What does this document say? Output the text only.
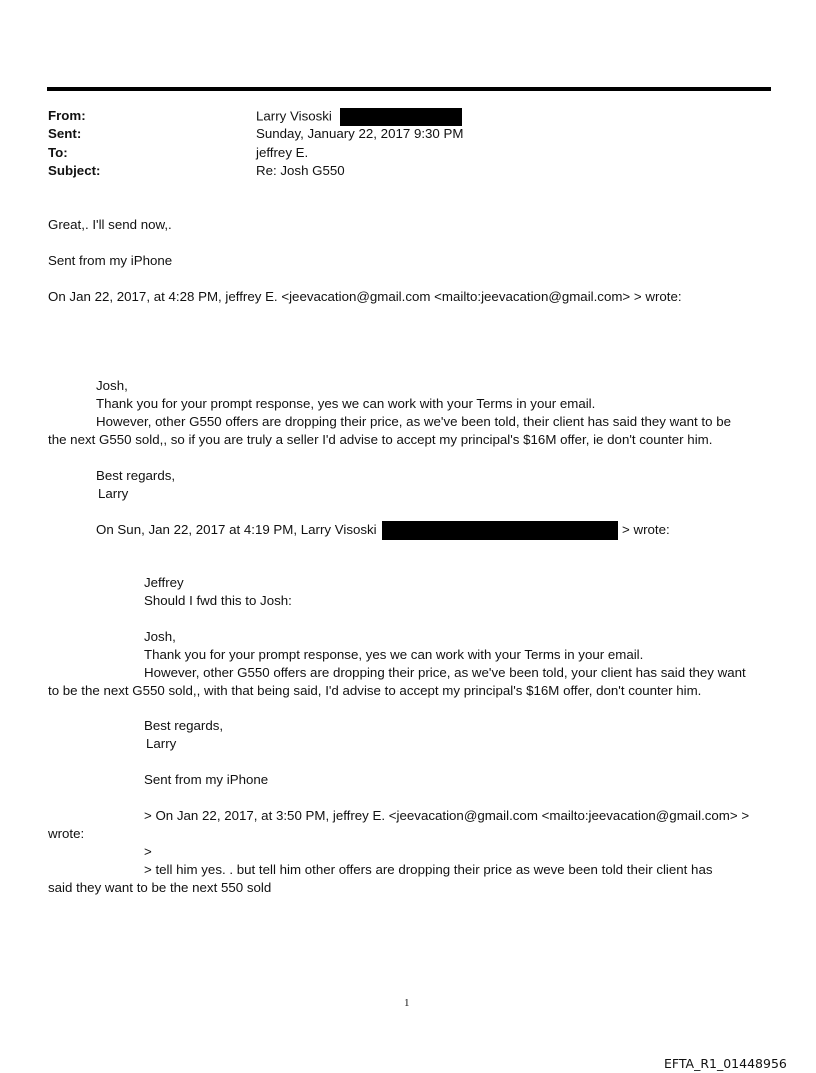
From:	Larry Visoski
Sent:	Sunday, January 22, 2017 9:30 PM
To:	jeffrey E.
Subject:	Re: Josh G550
Great,. I'll send now,.
Sent from my iPhone
On Jan 22, 2017, at 4:28 PM, jeffrey E. <jeevacation@gmail.com <mailto:jeevacation@gmail.com> > wrote:
Josh,
Thank you for your prompt response, yes we can work with your Terms in your email.
However, other G550 offers are dropping their price, as we've been told, their client has said they want to be
the next G550 sold,, so if you are truly a seller I'd advise to accept my principal's $16M offer, ie don't counter him.
Best regards,
Larry
On Sun, Jan 22, 2017 at 4:19 PM, Larry Visoski	> wrote:
Jeffrey
Should I fwd this to Josh:
Josh,
Thank you for your prompt response, yes we can work with your Terms in your email.
However, other G550 offers are dropping their price, as we've been told, your client has said they want
to be the next G550 sold,, with that being said, I'd advise to accept my principal's $16M offer, don't counter him.
Best regards,
Larry
Sent from my iPhone
> On Jan 22, 2017, at 3:50 PM, jeffrey E. <jeevacation@gmail.com <mailto:jeevacation@gmail.com> >
wrote:
>
> tell him yes. . but tell him other offers are dropping their price as weve been told their client has
said they want to be the next 550 sold
1
EFTA_R1_01448956
